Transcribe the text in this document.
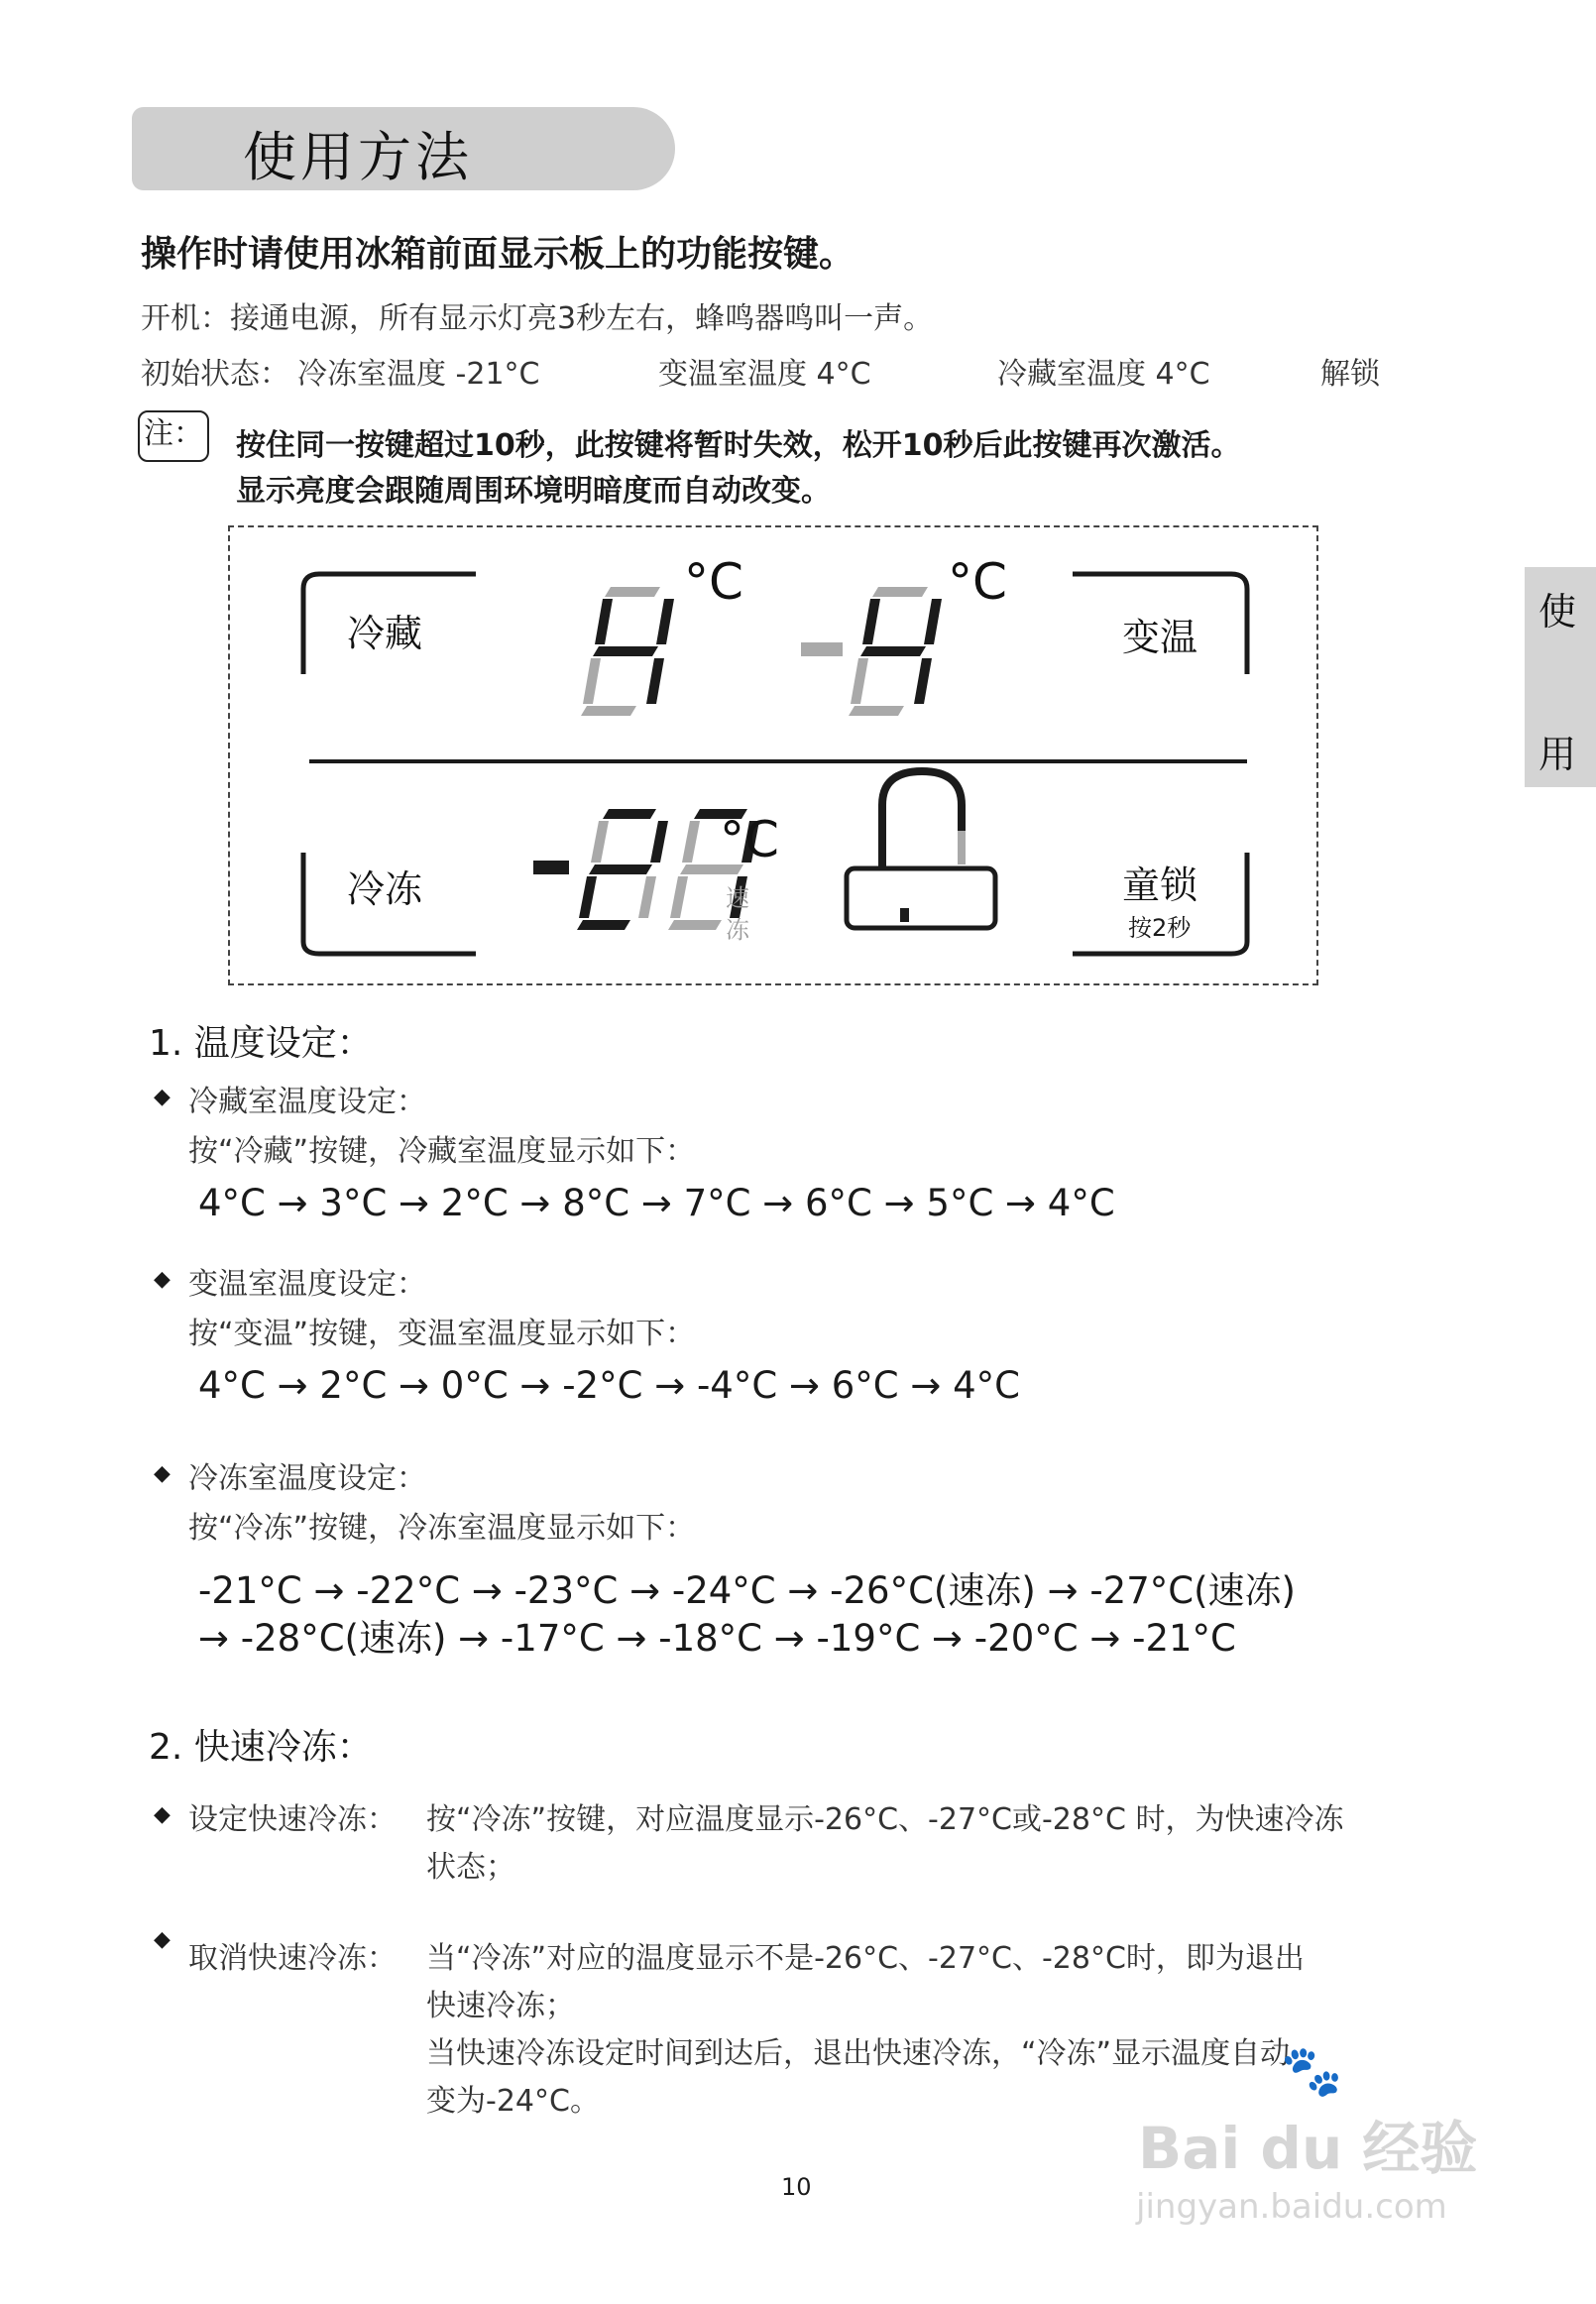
使用方法
使
用
操作时请使用冰箱前面显示板上的功能按键。
开机：接通电源，所有显示灯亮3秒左右，蜂鸣器鸣叫一声。
初始状态： 冷冻室温度 -21°C	变温室温度 4°C	冷藏室温度 4°C	解锁
注： 按住同一按键超过10秒，此按键将暂时失效，松开10秒后此按键再次激活。
显示亮度会跟随周围环境明暗度而自动改变。
冷藏	变温
冷冻	童锁
按2秒
°C	°C
°C
速
冻
1. 温度设定：
◆ 冷藏室温度设定：
按“冷藏”按键，冷藏室温度显示如下：
4°C → 3°C → 2°C → 8°C → 7°C → 6°C → 5°C → 4°C
◆ 变温室温度设定：
按“变温”按键，变温室温度显示如下：
4°C → 2°C → 0°C → -2°C → -4°C → 6°C → 4°C
◆ 冷冻室温度设定：
按“冷冻”按键，冷冻室温度显示如下：
-21°C → -22°C → -23°C → -24°C → -26°C(速冻) → -27°C(速冻)
→ -28°C(速冻) → -17°C → -18°C → -19°C → -20°C → -21°C
2. 快速冷冻：
◆ 设定快速冷冻： 按“冷冻”按键，对应温度显示-26°C、-27°C或-28°C 时，为快速冷冻
状态；
◆
取消快速冷冻： 当“冷冻”对应的温度显示不是-26°C、-27°C、-28°C时，即为退出
快速冷冻；
当快速冷冻设定时间到达后，退出快速冷冻，“冷冻”显示温度自动
变为-24°C。
10
🐾
Bai du 经验
jingyan.baidu.com
